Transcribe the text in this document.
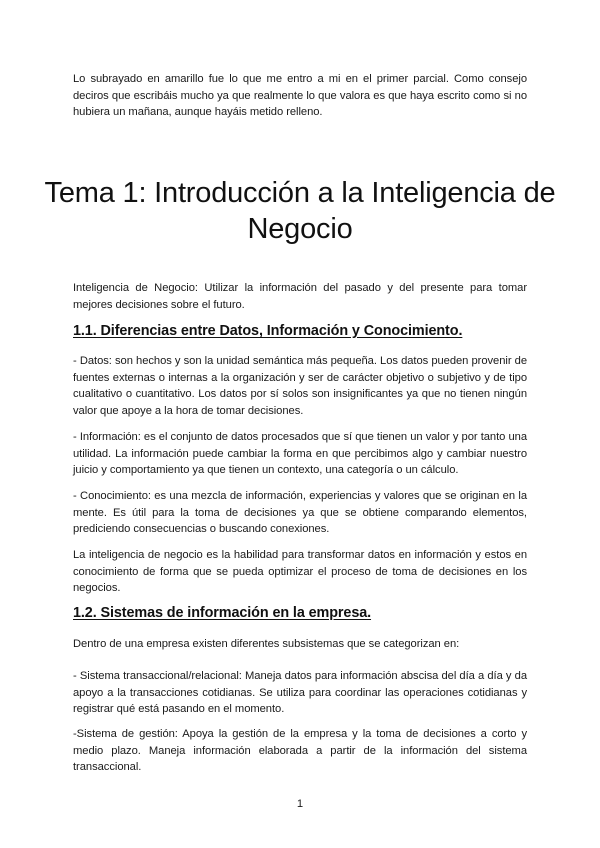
Lo subrayado en amarillo fue lo que me entro a mi en el primer parcial. Como consejo deciros que escribáis mucho ya que realmente lo que valora es que haya escrito como si no hubiera un mañana, aunque hayáis metido relleno.

Tema 1: Introducción a la Inteligencia de Negocio

Inteligencia de Negocio: Utilizar la información del pasado y del presente para tomar mejores decisiones sobre el futuro.

1.1. Diferencias entre Datos, Información y Conocimiento.

- Datos: son hechos y son la unidad semántica más pequeña. Los datos pueden provenir de fuentes externas o internas a la organización y ser de carácter objetivo o subjetivo y de tipo cualitativo o cuantitativo. Los datos por sí solos son insignificantes ya que no tienen ningún valor que apoye a la hora de tomar decisiones.

- Información: es el conjunto de datos procesados que sí que tienen un valor y por tanto una utilidad. La información puede cambiar la forma en que percibimos algo y cambiar nuestro juicio y comportamiento ya que tienen un contexto, una categoría o un cálculo.

- Conocimiento: es una mezcla de información, experiencias y valores que se originan en la mente. Es útil para la toma de decisiones ya que se obtiene comparando elementos, prediciendo consecuencias o buscando conexiones.

La inteligencia de negocio es la habilidad para transformar datos en información y estos en conocimiento de forma que se pueda optimizar el proceso de toma de decisiones en los negocios.

1.2. Sistemas de información en la empresa.

Dentro de una empresa existen diferentes subsistemas que se categorizan en:

- Sistema transaccional/relacional: Maneja datos para información abscisa del día a día y da apoyo a la transacciones cotidianas. Se utiliza para coordinar las operaciones cotidianas y registrar qué está pasando en el momento.

-Sistema de gestión: Apoya la gestión de la empresa y la toma de decisiones a corto y medio plazo. Maneja información elaborada a partir de la información del sistema transaccional.

1
